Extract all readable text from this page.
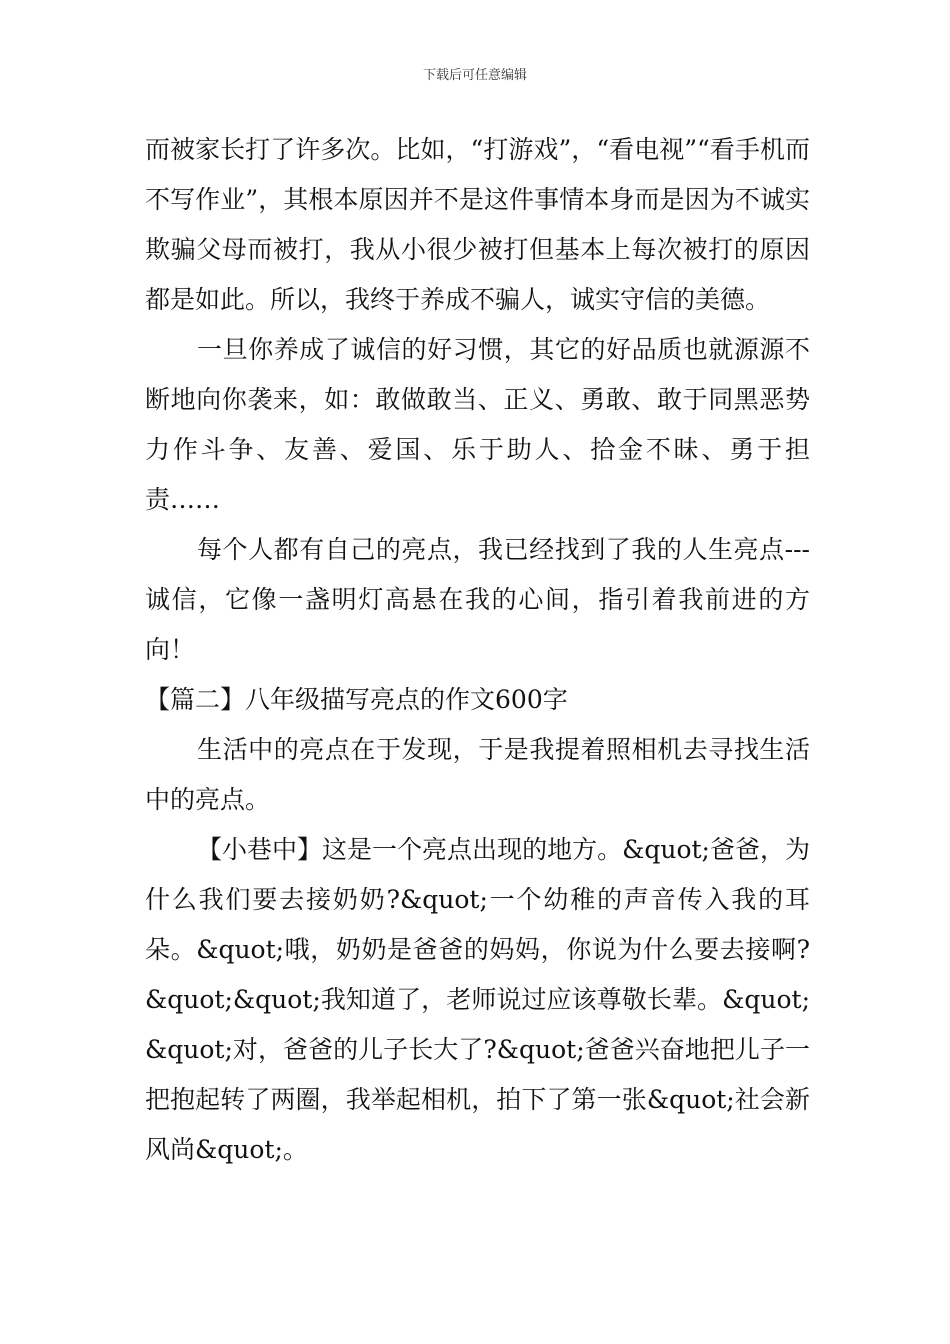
下载后可任意编辑

而被家长打了许多次。比如，“打游戏”，“看电视”“看手机而不写作业”，其根本原因并不是这件事情本身而是因为不诚实欺骗父母而被打，我从小很少被打但基本上每次被打的原因都是如此。所以，我终于养成不骗人，诚实守信的美德。

一旦你养成了诚信的好习惯，其它的好品质也就源源不断地向你袭来，如：敢做敢当、正义、勇敢、敢于同黑恶势力作斗争、友善、爱国、乐于助人、拾金不昧、勇于担责……

每个人都有自己的亮点，我已经找到了我的人生亮点---诚信，它像一盏明灯高悬在我的心间，指引着我前进的方向！

【篇二】八年级描写亮点的作文600字

生活中的亮点在于发现，于是我提着照相机去寻找生活中的亮点。

【小巷中】这是一个亮点出现的地方。&quot;爸爸，为什么我们要去接奶奶?&quot;一个幼稚的声音传入我的耳朵。&quot;哦，奶奶是爸爸的妈妈，你说为什么要去接啊?&quot;&quot;我知道了，老师说过应该尊敬长辈。&quot;&quot;对，爸爸的儿子长大了?&quot;爸爸兴奋地把儿子一把抱起转了两圈，我举起相机，拍下了第一张&quot;社会新风尚&quot;。
